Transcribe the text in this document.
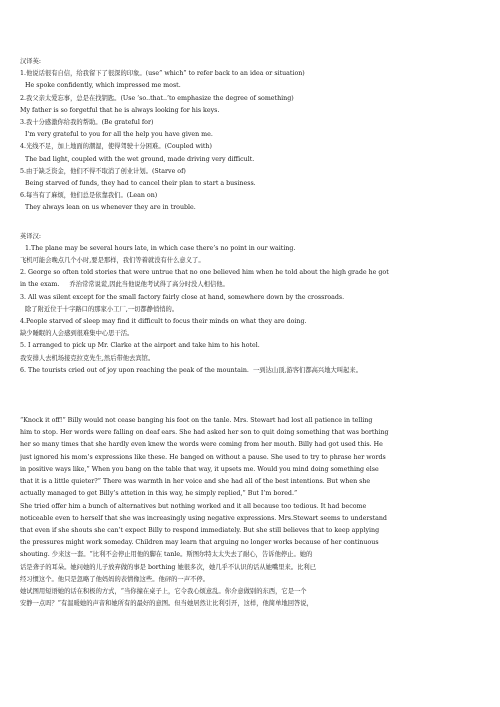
汉译英:
1.他说话很有自信，给我留下了很深的印象。(use” which” to refer back to an idea or situation)
He spoke confidently, which impressed me most.
2.我父亲太爱忘事，总是在找钥匙。(Use ‘so..that..’to emphasize the degree of something)
My father is so forgetful that he is always looking for his keys.
3.我十分感激你给我的帮助。(Be grateful for)
I'm very grateful to you for all the help you have given me.
4.光线不足，加上地面的潮湿，使得驾驶十分困难。(Coupled with)
The bad light, coupled with the wet ground, made driving very difficult.
5.由于缺乏资金，他们不得不取消了创业计划。(Starve of)
Being starved of funds, they had to cancel their plan to start a business.
6.每当有了麻烦，他们总是依靠我们。(Lean on)
They always lean on us whenever they are in trouble.
英译汉:
1.The plane may be several hours late, in which case there’s no point in our waiting.
飞机可能会晚点几个小时,要是那样，我们等着就没有什么意义了。
2. George so often told stories that were untrue that no one believed him when he told about the high grade he got
in the exam. 乔治常常说谎,因此当他说他考试得了高分时没人相信他。
3. All was silent except for the small factory fairly close at hand, somewhere down by the crossroads.
除了附近位于十字路口的那家小工厂,一切都静悄悄的。
4.People starved of sleep may find it difficult to focus their minds on what they are doing.
缺少睡眠的人会感到很难集中心思干活。
5. I arranged to pick up Mr. Clarke at the airport and take him to his hotel.
我安排人去机场接克拉克先生,然后带他去宾馆。
6. The tourists cried out of joy upon reaching the peak of the mountain. 一到达山顶,游客们都高兴地大叫起来。
“Knock it off!” Billy would not cease banging his foot on the tanle. Mrs. Stewart had lost all patience in telling
him to stop. Her words were falling on deaf ears. She had asked her son to quit doing something that was borthing
her so many times that she hardly even knew the words were coming from her mouth. Billy had got used this. He
just ignored his mom’s expressions like these. He banged on without a pause. She used to try to phrase her words
in positive ways like,” When you bang on the table that way, it upsets me. Would you mind doing something else
that it is a little quieter?” There was warmth in her voice and she had all of the best intentions. But when she
actually managed to get Billy’s attetion in this way, he simply replied,” But I’m bored.”
She tried offer him a bunch of alternatives but nothing worked and it all because too tedious. It had become
noticeable even to herself that she was increasingly using negative expressions. Mrs.Stewart seems to understand
that even if she shouts she can’t expect Billy to respond immediately. But she still believes that to keep applying
the pressures might work someday. Children may learn that arguing no longer works because of her continuous
shouting. 少来这一套。“比利不会停止用他的脚在 tanle。斯图尔特太太失去了耐心，告诉他停止。她的
话是聋子的耳朵。她问她的儿子放弃做的事是 borthing 她很多次，她几乎不认识的话从她嘴里来。比利已
经习惯这个。他只是忽略了他妈妈的表情像这些。他砰的一声不停。
她试图用短语她的话在积极的方式，“当你撞在桌子上，它令我心烦意乱。你介意做别的东西，它是一个
安静一点吗？”有温暖她的声音和她所有的最好的意图。但当她居然让比利引开，这样，他简单地回答说，
